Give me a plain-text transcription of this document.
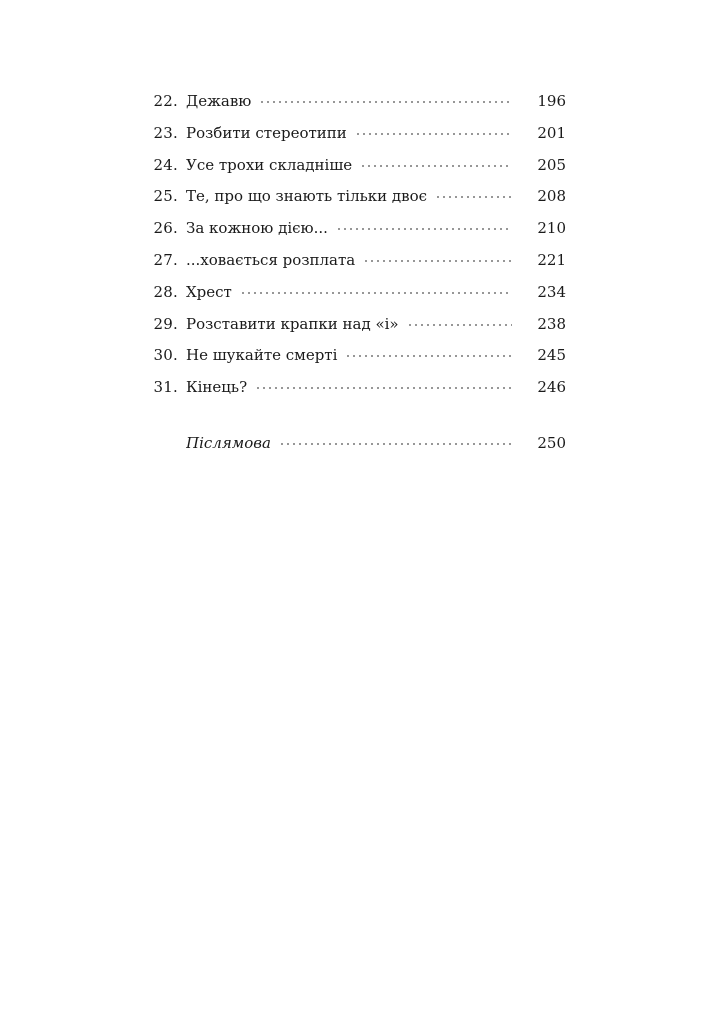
22. Дежавю	196
23. Розбити стереотипи	201
24. Усе трохи складніше	205
25. Те, про що знають тільки двоє	208
26. За кожною дією...	210
27. ...ховається розплата	221
28. Хрест	234
29. Розставити крапки над «і»	238
30. Не шукайте смерті	245
31. Кінець?	246
Післямова	250
